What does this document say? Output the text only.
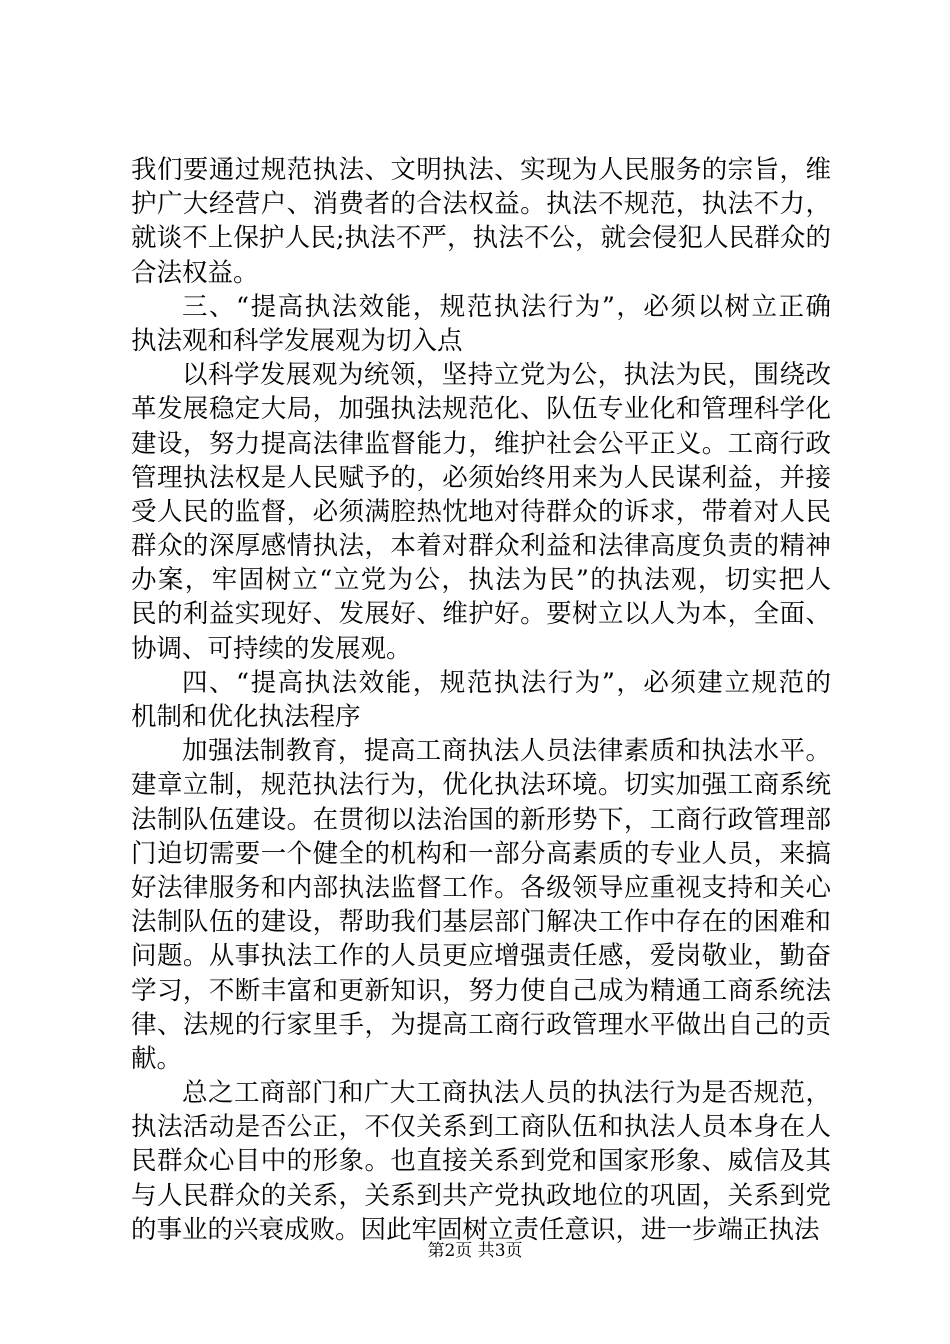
我们要通过规范执法、文明执法、实现为人民服务的宗旨，维
护广大经营户、消费者的合法权益。执法不规范，执法不力，
就谈不上保护人民;执法不严，执法不公，就会侵犯人民群众的
合法权益。
三、“提高执法效能，规范执法行为”，必须以树立正确
执法观和科学发展观为切入点
以科学发展观为统领，坚持立党为公，执法为民，围绕改
革发展稳定大局，加强执法规范化、队伍专业化和管理科学化
建设，努力提高法律监督能力，维护社会公平正义。工商行政
管理执法权是人民赋予的，必须始终用来为人民谋利益，并接
受人民的监督，必须满腔热忱地对待群众的诉求，带着对人民
群众的深厚感情执法，本着对群众利益和法律高度负责的精神
办案，牢固树立“立党为公，执法为民”的执法观，切实把人
民的利益实现好、发展好、维护好。要树立以人为本，全面、
协调、可持续的发展观。
四、“提高执法效能，规范执法行为”，必须建立规范的
机制和优化执法程序
加强法制教育，提高工商执法人员法律素质和执法水平。
建章立制，规范执法行为，优化执法环境。切实加强工商系统
法制队伍建设。在贯彻以法治国的新形势下，工商行政管理部
门迫切需要一个健全的机构和一部分高素质的专业人员，来搞
好法律服务和内部执法监督工作。各级领导应重视支持和关心
法制队伍的建设，帮助我们基层部门解决工作中存在的困难和
问题。从事执法工作的人员更应增强责任感，爱岗敬业，勤奋
学习，不断丰富和更新知识，努力使自己成为精通工商系统法
律、法规的行家里手，为提高工商行政管理水平做出自己的贡
献。
总之工商部门和广大工商执法人员的执法行为是否规范，
执法活动是否公正，不仅关系到工商队伍和执法人员本身在人
民群众心目中的形象。也直接关系到党和国家形象、威信及其
与人民群众的关系，关系到共产党执政地位的巩固，关系到党
的事业的兴衰成败。因此牢固树立责任意识，进一步端正执法
第2页 共3页
